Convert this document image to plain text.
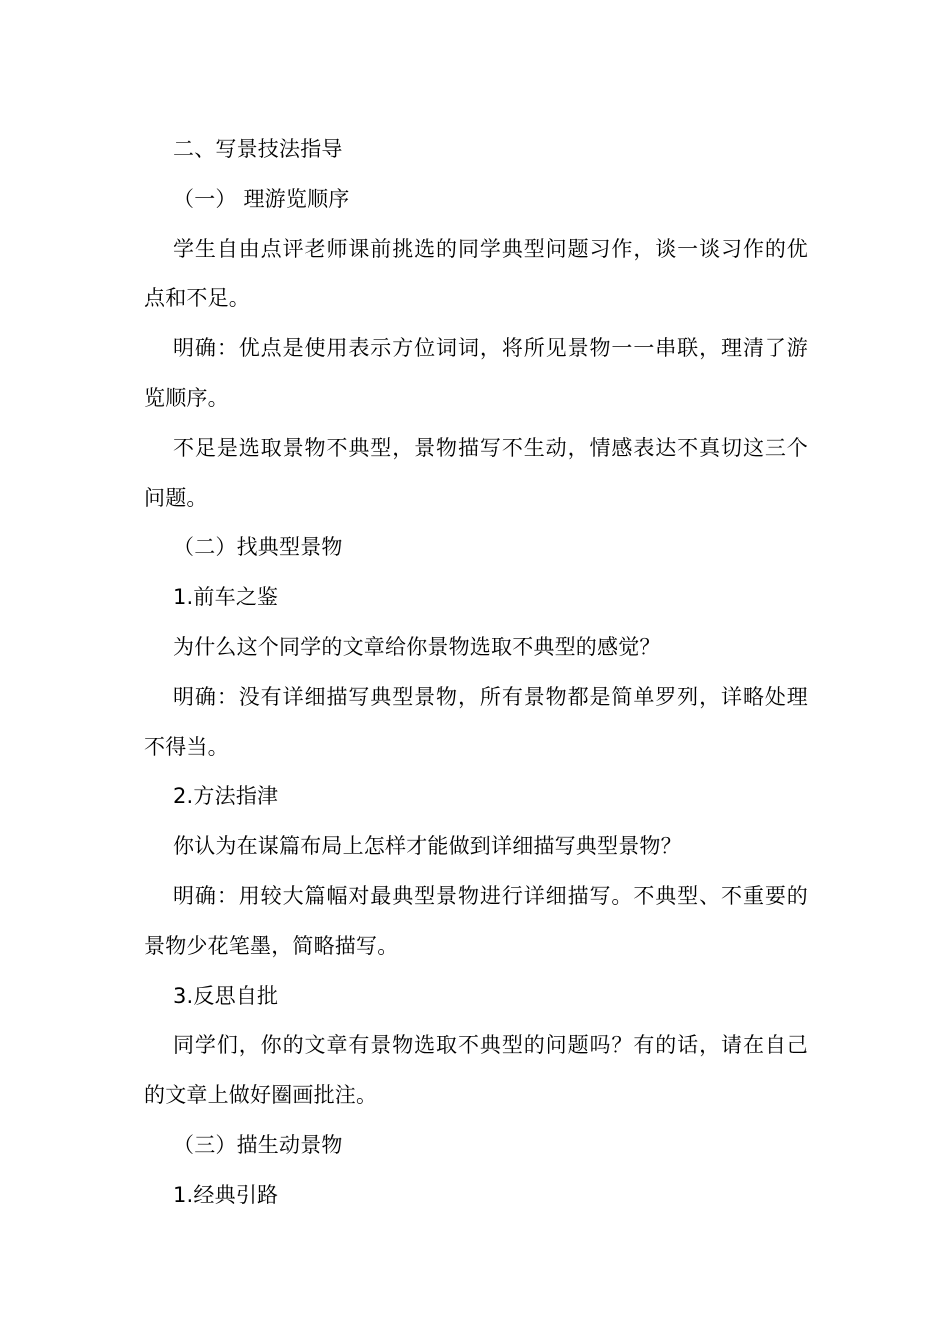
二、写景技法指导

（一） 理游览顺序

学生自由点评老师课前挑选的同学典型问题习作，谈一谈习作的优点和不足。

明确：优点是使用表示方位词词，将所见景物一一串联，理清了游览顺序。

不足是选取景物不典型，景物描写不生动，情感表达不真切这三个问题。

（二）找典型景物

1.前车之鉴

为什么这个同学的文章给你景物选取不典型的感觉？

明确：没有详细描写典型景物，所有景物都是简单罗列，详略处理不得当。

2.方法指津

你认为在谋篇布局上怎样才能做到详细描写典型景物？

明确：用较大篇幅对最典型景物进行详细描写。不典型、不重要的景物少花笔墨，简略描写。

3.反思自批

同学们，你的文章有景物选取不典型的问题吗？有的话，请在自己的文章上做好圈画批注。

（三）描生动景物

1.经典引路
